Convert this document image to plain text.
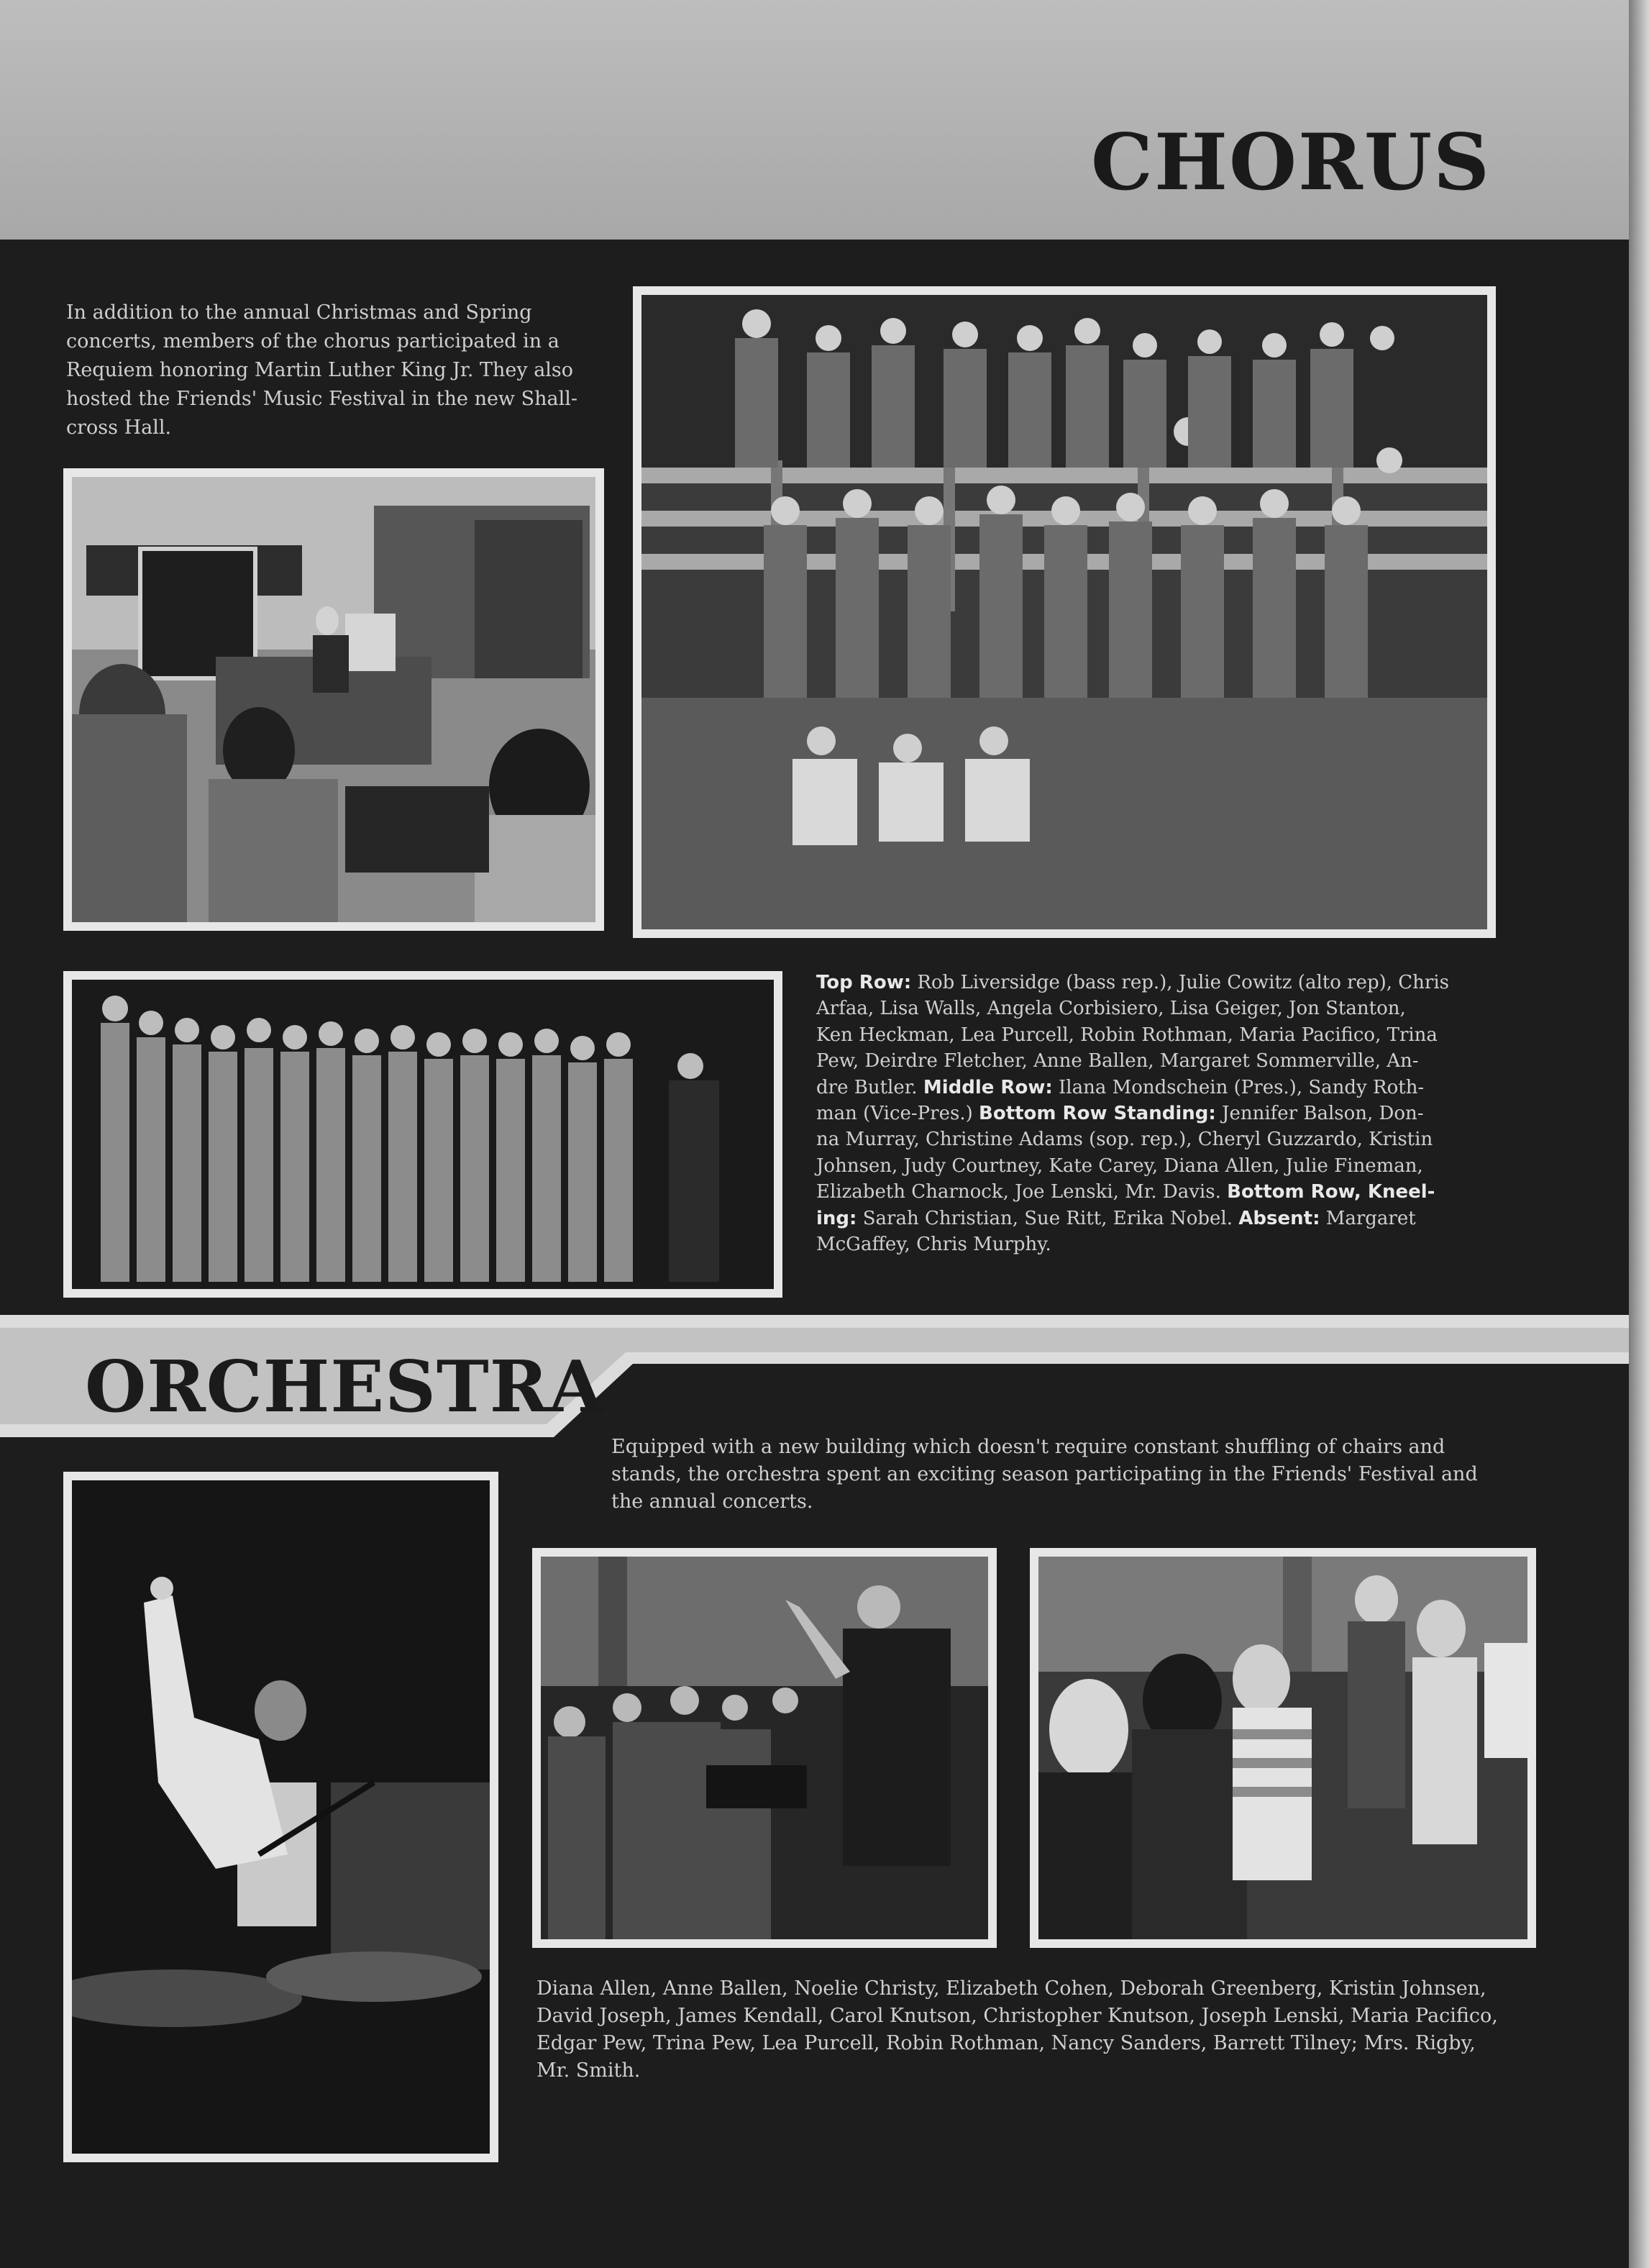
CHORUS
In addition to the annual Christmas and Spring
concerts, members of the chorus participated in a
Requiem honoring Martin Luther King Jr. They also
hosted the Friends' Music Festival in the new Shall-
cross Hall.
Top Row: Rob Liversidge (bass rep.), Julie Cowitz (alto rep), Chris
Arfaa, Lisa Walls, Angela Corbisiero, Lisa Geiger, Jon Stanton,
Ken Heckman, Lea Purcell, Robin Rothman, Maria Pacifico, Trina
Pew, Deirdre Fletcher, Anne Ballen, Margaret Sommerville, An-
dre Butler. Middle Row: Ilana Mondschein (Pres.), Sandy Roth-
man (Vice-Pres.) Bottom Row Standing: Jennifer Balson, Don-
na Murray, Christine Adams (sop. rep.), Cheryl Guzzardo, Kristin
Johnsen, Judy Courtney, Kate Carey, Diana Allen, Julie Fineman,
Elizabeth Charnock, Joe Lenski, Mr. Davis. Bottom Row, Kneel-
ing: Sarah Christian, Sue Ritt, Erika Nobel. Absent: Margaret
McGaffey, Chris Murphy.
ORCHESTRA
Equipped with a new building which doesn't require constant shuffling of chairs and
stands, the orchestra spent an exciting season participating in the Friends' Festival and
the annual concerts.
Diana Allen, Anne Ballen, Noelie Christy, Elizabeth Cohen, Deborah Greenberg, Kristin Johnsen,
David Joseph, James Kendall, Carol Knutson, Christopher Knutson, Joseph Lenski, Maria Pacifico,
Edgar Pew, Trina Pew, Lea Purcell, Robin Rothman, Nancy Sanders, Barrett Tilney; Mrs. Rigby,
Mr. Smith.
